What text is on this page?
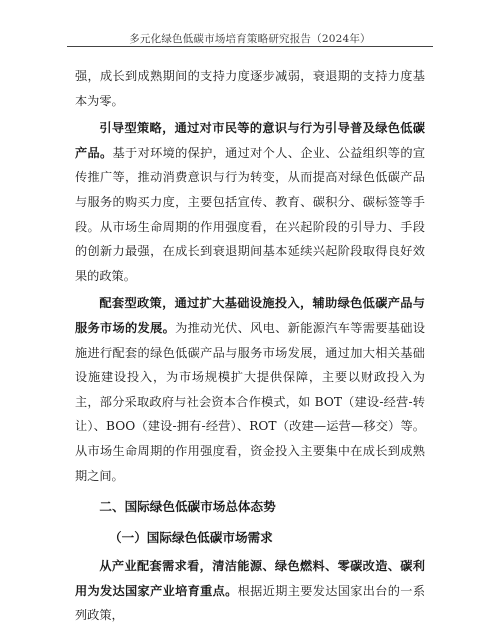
多元化绿色低碳市场培育策略研究报告（2024年）

强，成长到成熟期间的支持力度逐步减弱，衰退期的支持力度基本为零。

引导型策略，通过对市民等的意识与行为引导普及绿色低碳产品。基于对环境的保护，通过对个人、企业、公益组织等的宣传推广等，推动消费意识与行为转变，从而提高对绿色低碳产品与服务的购买力度，主要包括宣传、教育、碳积分、碳标签等手段。从市场生命周期的作用强度看，在兴起阶段的引导力、手段的创新力最强，在成长到衰退期间基本延续兴起阶段取得良好效果的政策。

配套型政策，通过扩大基础设施投入，辅助绿色低碳产品与服务市场的发展。为推动光伏、风电、新能源汽车等需要基础设施进行配套的绿色低碳产品与服务市场发展，通过加大相关基础设施建设投入，为市场规模扩大提供保障，主要以财政投入为主，部分采取政府与社会资本合作模式，如 BOT（建设-经营-转让）、BOO（建设-拥有-经营）、ROT（改建—运营—移交）等。从市场生命周期的作用强度看，资金投入主要集中在成长到成熟期之间。

二、国际绿色低碳市场总体态势

（一）国际绿色低碳市场需求

从产业配套需求看，清洁能源、绿色燃料、零碳改造、碳利用为发达国家产业培育重点。根据近期主要发达国家出台的一系列政策，
